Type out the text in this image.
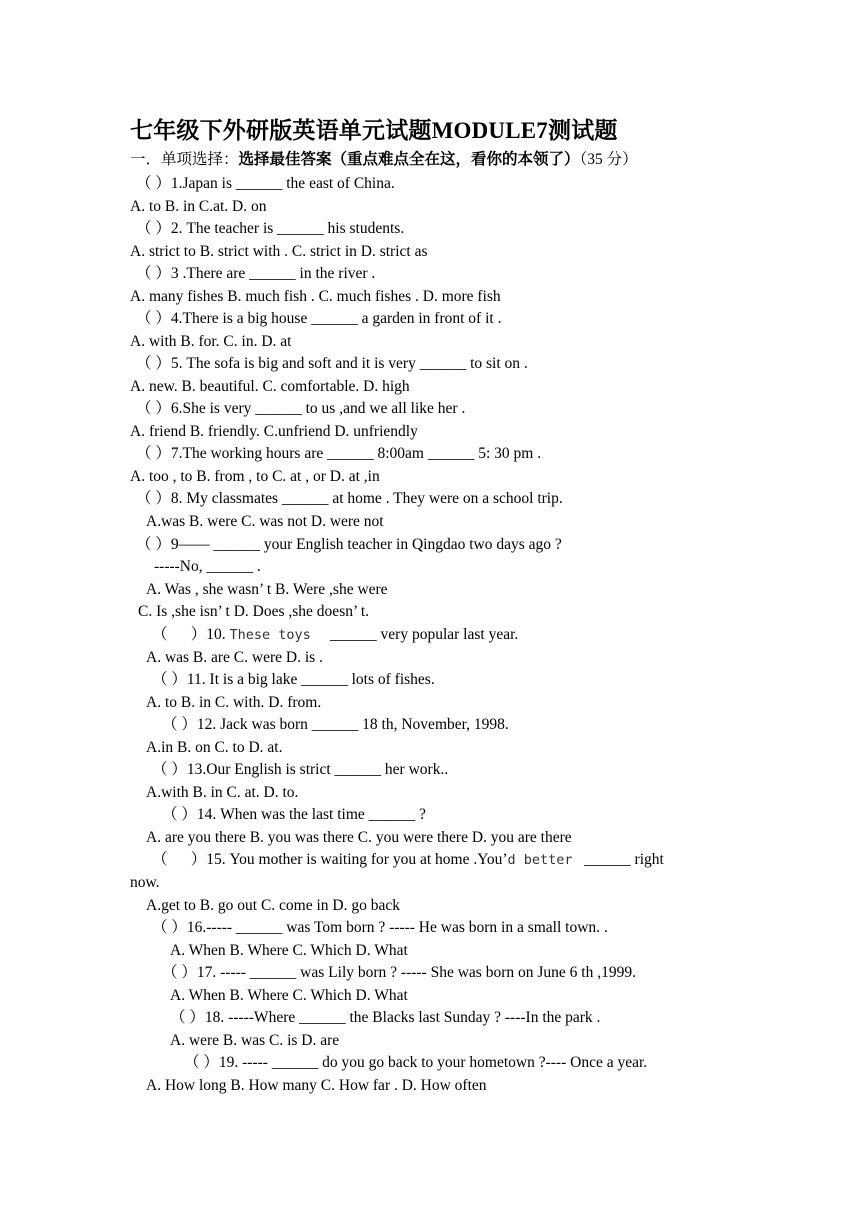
七年级下外研版英语单元试题MODULE7测试题
一．单项选择：选择最佳答案（重点难点全在这，看你的本领了）（35 分）
（ ）1.Japan is ______ the east of China.
A. to B. in C.at. D. on
（ ）2. The teacher is ______ his students.
A. strict to B. strict with . C. strict in D. strict as
（ ）3 .There are ______ in the river .
A. many fishes B. much fish . C. much fishes . D. more fish
（ ）4.There is a big house ______ a garden in front of it .
A. with B. for. C. in. D. at
（ ）5. The sofa is big and soft and it is very ______ to sit on .
A. new. B. beautiful. C. comfortable. D. high
（ ）6.She is very ______ to us ,and we all like her .
A. friend B. friendly. C.unfriend D. unfriendly
（ ）7.The working hours are ______ 8:00am ______ 5: 30 pm .
A. too , to B. from , to C. at , or D. at ,in
（ ）8. My classmates ______ at home . They were on a school trip.
A.was B. were C. was not D. were not
（ ）9—— ______ your English teacher in Qingdao two days ago ?
-----No, ______ .
A. Was , she wasn’ t B. Were ,she were
C. Is ,she isn’ t D. Does ,she doesn’ t.
（      ）10. These toys     ______ very popular last year.
A. was B. are C. were D. is .
（ ）11. It is a big lake ______ lots of fishes.
A. to B. in C. with. D. from.
（ ）12. Jack was born ______ 18 th, November, 1998.
A.in B. on C. to D. at.
（ ）13.Our English is strict ______ her work..
A.with B. in C. at. D. to.
（ ）14. When was the last time ______ ?
A. are you there B. you was there C. you were there D. you are there
（      ）15. You mother is waiting for you at home .You’d better   ______ right
now.
A.get to B. go out C. come in D. go back
（ ）16.----- ______ was Tom born ? ----- He was born in a small town. .
A. When B. Where C. Which D. What
（ ）17. ----- ______ was Lily born ? ----- She was born on June 6 th ,1999.
A. When B. Where C. Which D. What
（ ）18. -----Where ______ the Blacks last Sunday ? ----In the park .
A. were B. was C. is D. are
（ ）19. ----- ______ do you go back to your hometown ?---- Once a year.
A. How long B. How many C. How far . D. How often
